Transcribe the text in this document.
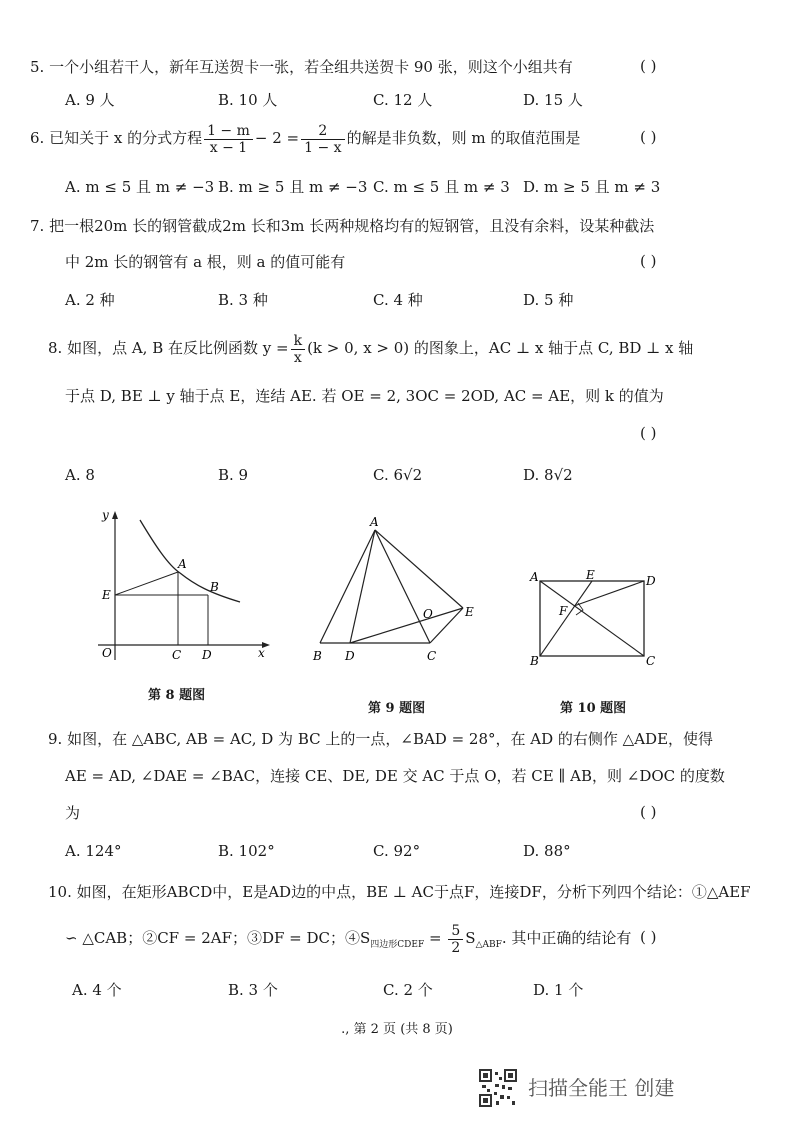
5. 一个小组若干人，新年互送贺卡一张，若全组共送贺卡 90 张，则这个小组共有	( )
A. 9 人	B. 10 人	C. 12 人	D. 15 人
6. 已知关于 x 的分式方程 $\frac{1 - m}{x - 1} - 2 = \frac{2}{1 - x}$ 的解是非负数，则 m 的取值范围是	( )
A. m ≤ 5 且 m ≠ −3 B. m ≥ 5 且 m ≠ −3 C. m ≤ 5 且 m ≠ 3 D. m ≥ 5 且 m ≠ 3
7. 把一根20m 长的钢管截成2m 长和3m 长两种规格均有的短钢管，且没有余料，设某种截法
中 2m 长的钢管有 a 根，则 a 的值可能有	( )
A. 2 种	B. 3 种	C. 4 种	D. 5 种
8. 如图，点 A, B 在反比例函数 $y = \frac{k}{x} (k > 0$, x > 0) 的图象上，AC ⊥ x 轴于点 C, BD ⊥ x 轴
于点 D, BE ⊥ y 轴于点 E，连结 AE. 若 OE = 2, 3OC = 2OD, AC = AE，则 k 的值为
( )
A. 8	B. 9	C. 6√2	D. 8√2
y
x
O
A
B
C D
E
第 8 题图
A
B	C
D
E
O
第 9 题图
A
B	C
D
E
F
第 10 题图
9. 如图，在 △ABC, AB = AC, D 为 BC 上的一点，∠BAD = 28°，在 AD 的右侧作 △ADE，使得
AE = AD, ∠DAE = ∠BAC，连接 CE、DE, DE 交 AC 于点 O，若 CE ∥ AB，则 ∠DOC 的度数
为	( )
A. 124°	B. 102°	C. 92°	D. 88°
10. 如图，在矩形ABCD中，E是AD边的中点，BE ⊥ AC于点F，连接DF，分析下列四个结论：①△AEF
∽ △CAB；②CF = 2AF；③DF = DC；$④S_{四边形CDEF} = \frac{5}{2} S_{\triangle ABF}$. 其中正确的结论有 ( )
A. 4 个	B. 3 个	C. 2 个	D. 1 个
., 第 2 页 (共 8 页)
扫描全能王 创建
